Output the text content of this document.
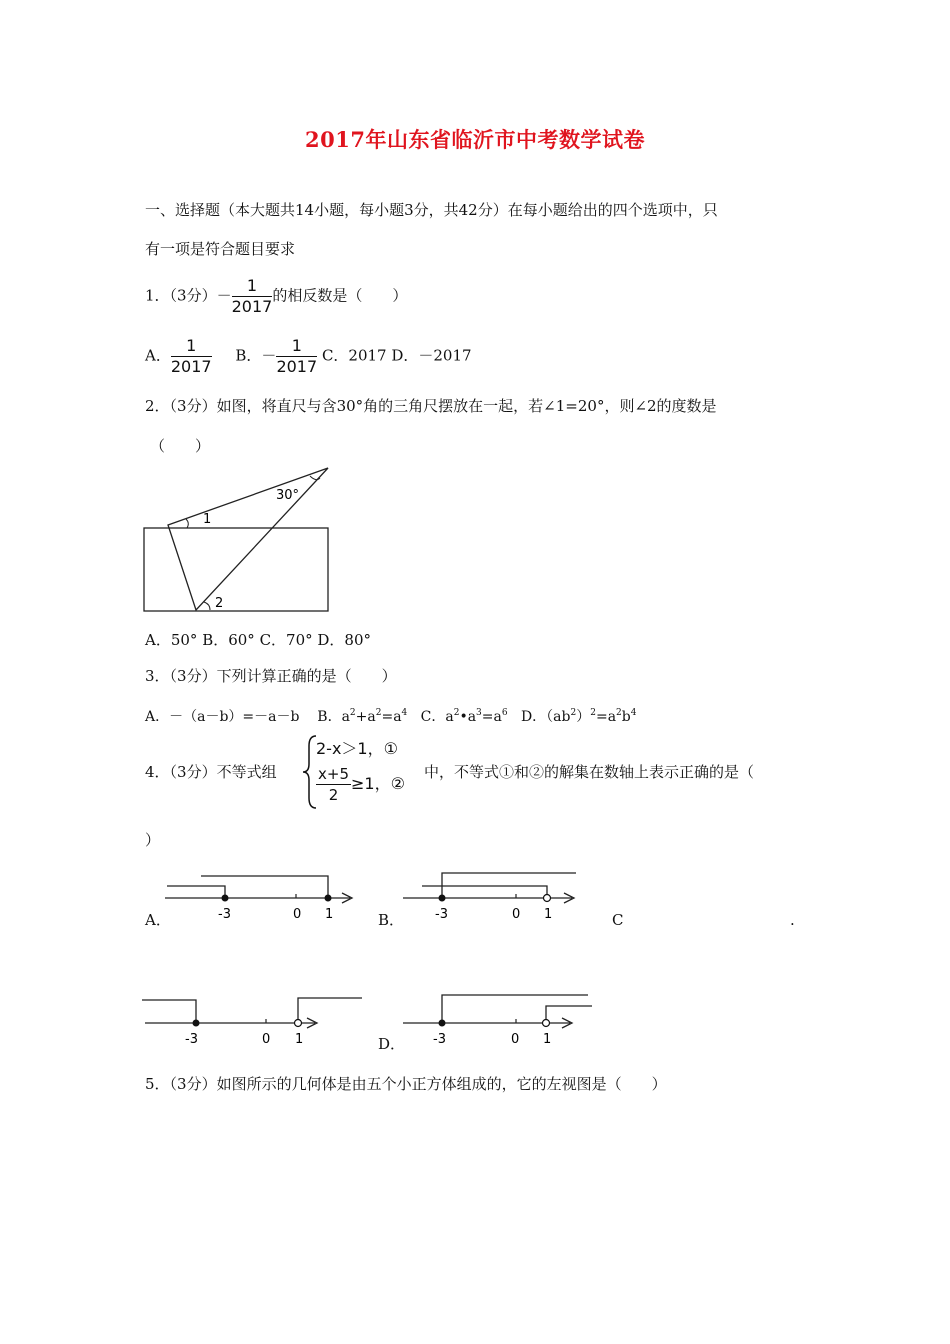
2017年山东省临沂市中考数学试卷
一、选择题（本大题共14小题，每小题3分，共42分）在每小题给出的四个选项中，只
有一项是符合题目要求
1．（3分）－ $\frac{1}{2017}$ 的相反数是（　　）
A． $\frac{1}{2017}$ B．－ $\frac{1}{2017}$ C．2017 D．－2017
2．（3分）如图，将直尺与含30°角的三角尺摆放在一起，若∠1=20°，则∠2的度数是
（　　）
30°
1
2
A．50° B．60° C．70° D．80°
3．（3分）下列计算正确的是（　　）
A．－（a－b）=－a－b B．$a^2+a^2=a^4$ C．$a^2•a^3=a^6$ D．$(ab^2)^2=a^2b^4$
4．（3分）不等式组
2-x＞1，①
$\frac{x+5}{2} \ge 1$，②
中，不等式①和②的解集在数轴上表示正确的是（
）
A．	-3	0 1	B． -3	0 1	C	.
-3	0 1	D． -3	0 1
5．（3分）如图所示的几何体是由五个小正方体组成的，它的左视图是（　　）
